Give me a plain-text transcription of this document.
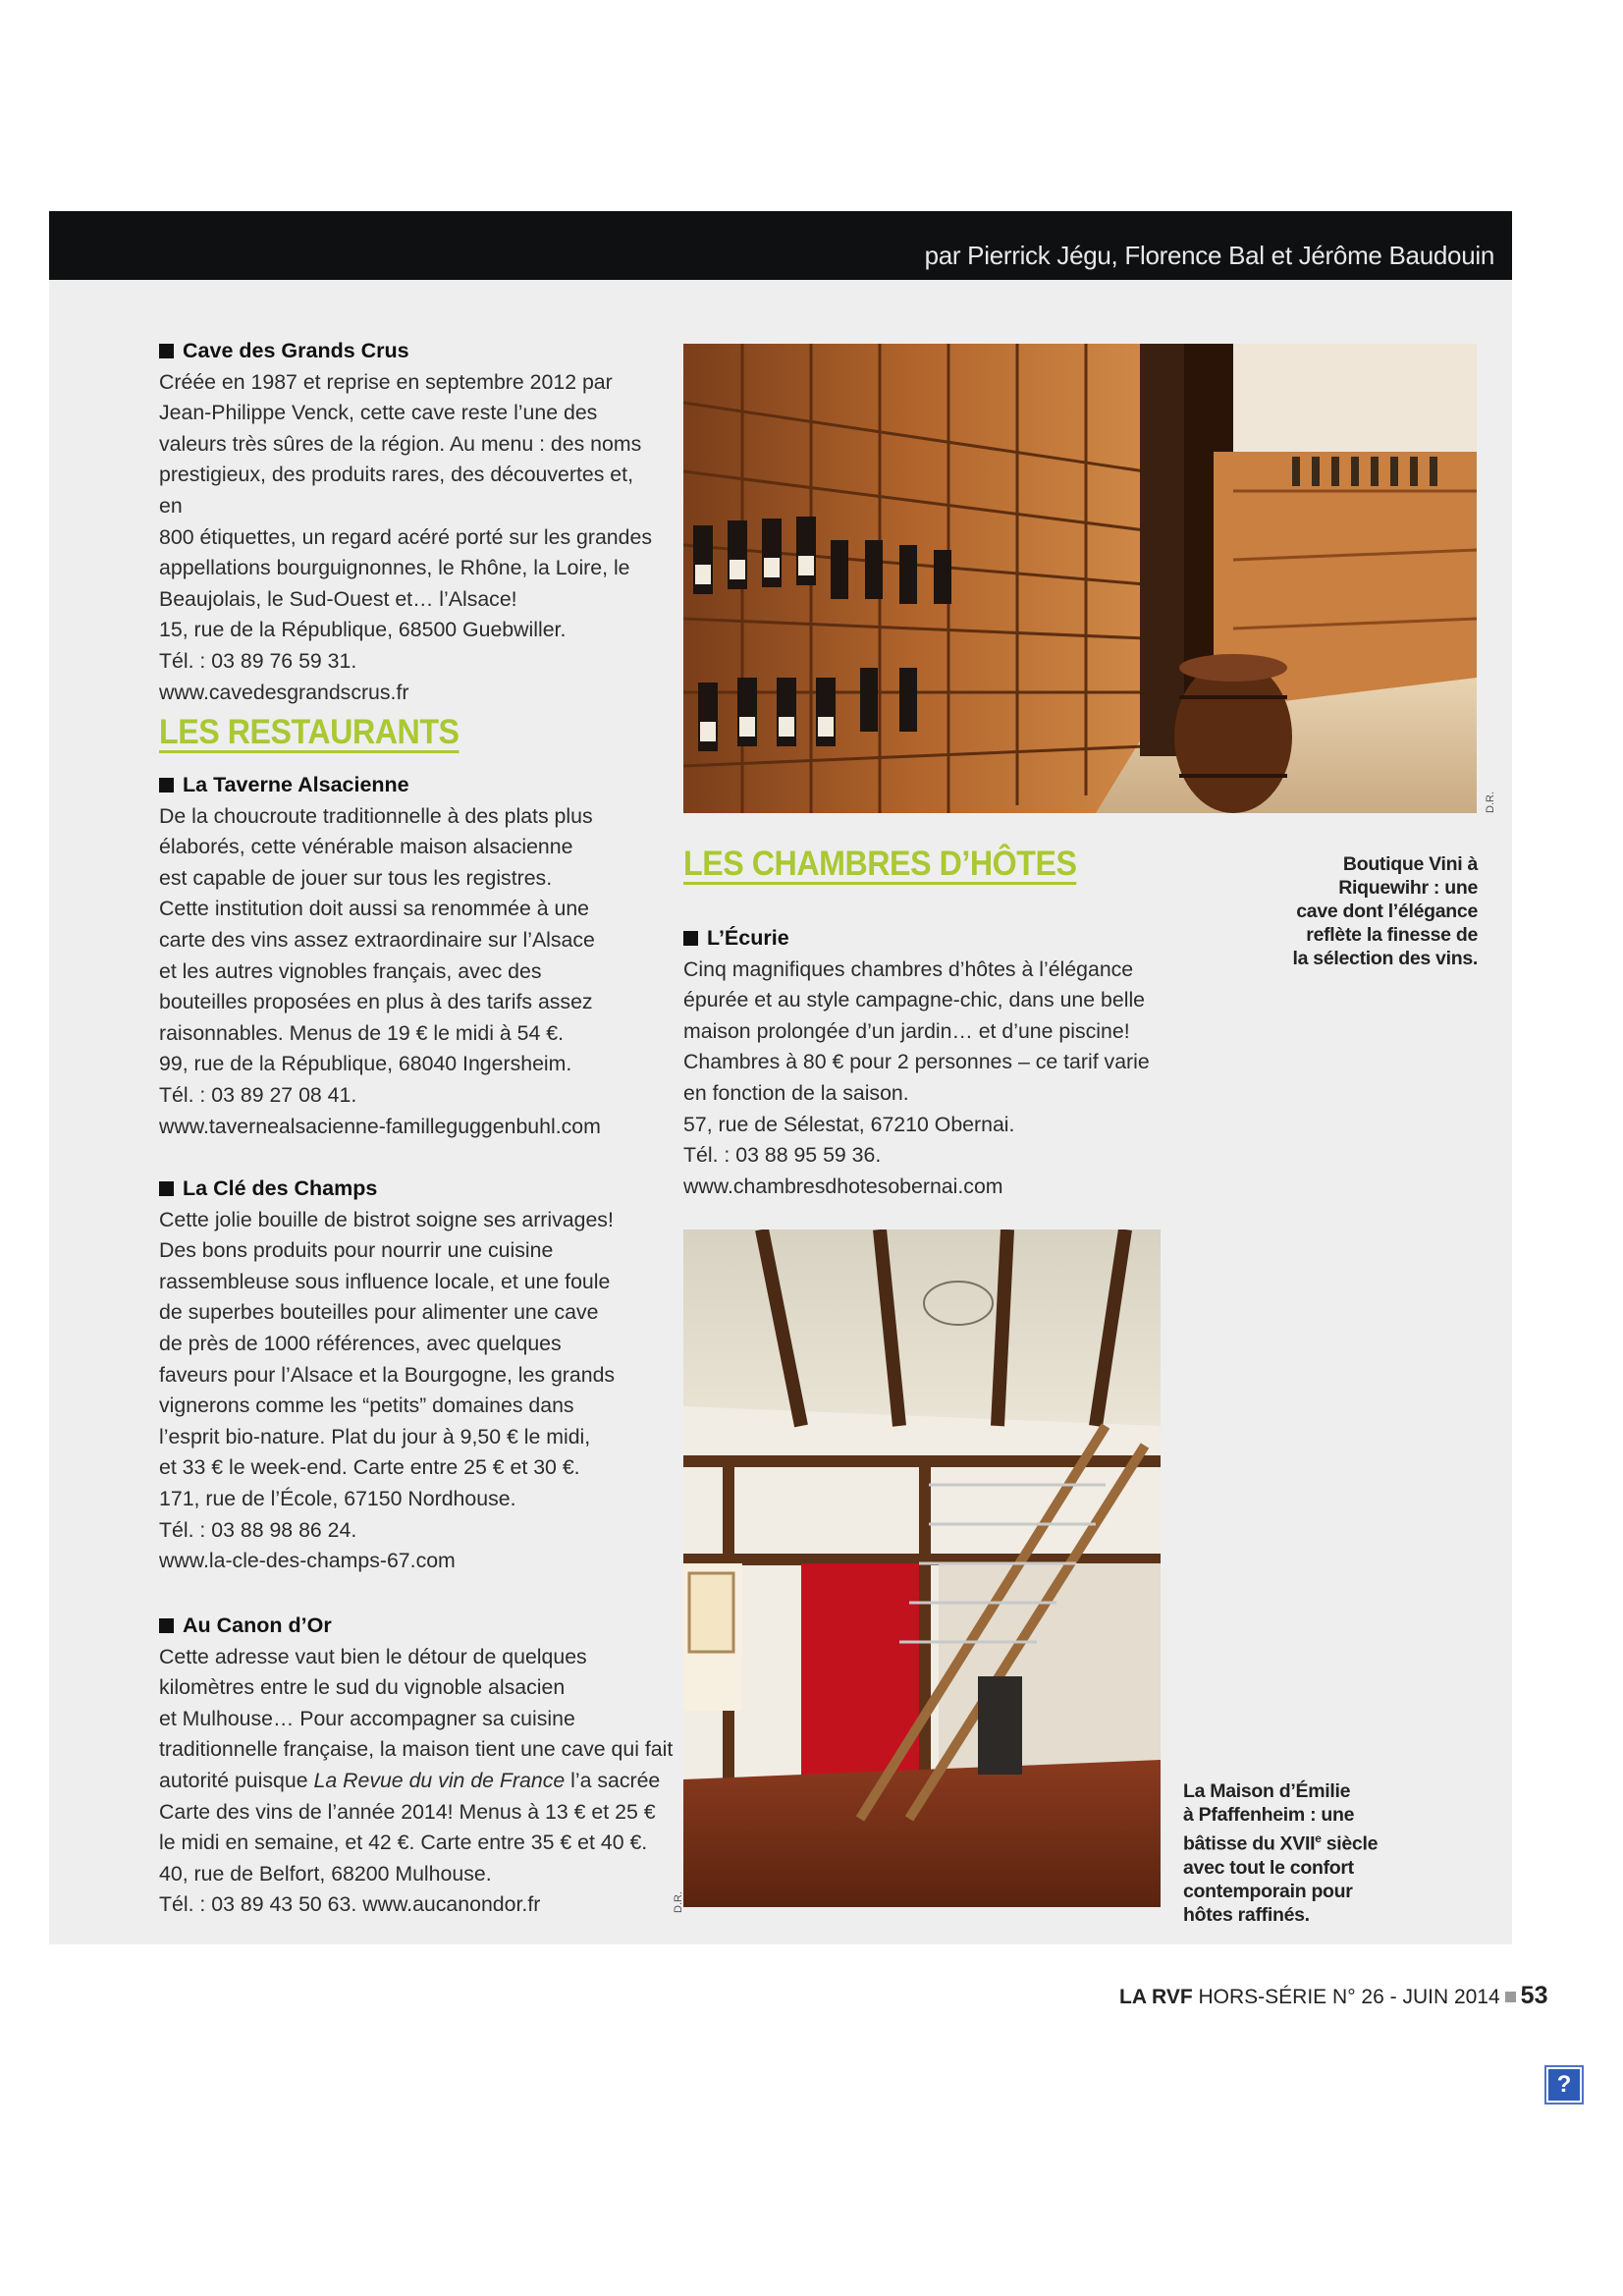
par Pierrick Jégu, Florence Bal et Jérôme Baudouin
Cave des Grands Crus

Créée en 1987 et reprise en septembre 2012 par

Jean-Philippe Venck, cette cave reste l’une des

valeurs très sûres de la région. Au menu : des noms

prestigieux, des produits rares, des découvertes et, en

800 étiquettes, un regard acéré porté sur les grandes

appellations bourguignonnes, le Rhône, la Loire, le

Beaujolais, le Sud-Ouest et… l’Alsace!

15, rue de la République, 68500 Guebwiller.

Tél. : 03 89 76 59 31.

www.cavedesgrandscrus.fr

LES RESTAURANTS
La Taverne Alsacienne

De la choucroute traditionnelle à des plats plus

élaborés, cette vénérable maison alsacienne

est capable de jouer sur tous les registres.

Cette institution doit aussi sa renommée à une

carte des vins assez extraordinaire sur l’Alsace

et les autres vignobles français, avec des

bouteilles proposées en plus à des tarifs assez

raisonnables. Menus de 19 € le midi à 54 €.

99, rue de la République, 68040 Ingersheim.

Tél. : 03 89 27 08 41.

www.tavernealsacienne-familleguggenbuhl.com

La Clé des Champs

Cette jolie bouille de bistrot soigne ses arrivages!

Des bons produits pour nourrir une cuisine

rassembleuse sous influence locale, et une foule

de superbes bouteilles pour alimenter une cave

de près de 1000 références, avec quelques

faveurs pour l’Alsace et la Bourgogne, les grands

vignerons comme les “petits” domaines dans

l’esprit bio-nature. Plat du jour à 9,50 € le midi,

et 33 € le week-end. Carte entre 25 € et 30 €.

171, rue de l’École, 67150 Nordhouse.

Tél. : 03 88 98 86 24.

www.la-cle-des-champs-67.com

Au Canon d’Or

Cette adresse vaut bien le détour de quelques

kilomètres entre le sud du vignoble alsacien

et Mulhouse… Pour accompagner sa cuisine

traditionnelle française, la maison tient une cave qui fait

autorité puisque La Revue du vin de France l’a sacrée

Carte des vins de l’année 2014! Menus à 13 € et 25 €

le midi en semaine, et 42 €. Carte entre 35 € et 40 €.

40, rue de Belfort, 68200 Mulhouse.

Tél. : 03 89 43 50 63. www.aucanondor.fr

D.R.
Boutique Vini à
Riquewihr : une
cave dont l’élégance
reflète la finesse de
la sélection des vins.
LES CHAMBRES D’HÔTES
L’Écurie

Cinq magnifiques chambres d’hôtes à l’élégance

épurée et au style campagne-chic, dans une belle

maison prolongée d’un jardin… et d’une piscine!

Chambres à 80 € pour 2 personnes – ce tarif varie

en fonction de la saison.

57, rue de Sélestat, 67210 Obernai.

Tél. : 03 88 95 59 36.

www.chambresdhotesobernai.com

D.R.
La Maison d’Émilie
à Pfaffenheim : une
bâtisse du XVIIe siècle
avec tout le confort
contemporain pour
hôtes raffinés.
LA RVF HORS-SÉRIE N° 26 - JUIN 2014 53
?
